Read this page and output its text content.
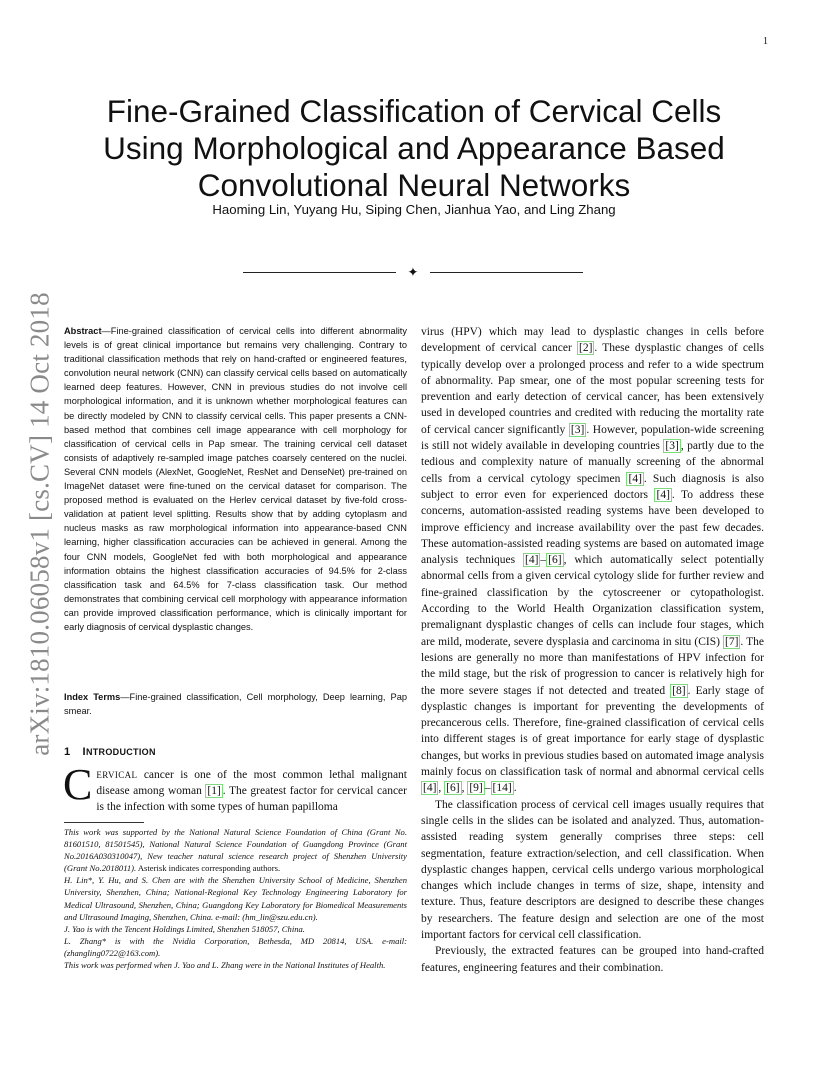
1
arXiv:1810.06058v1 [cs.CV] 14 Oct 2018
Fine-Grained Classification of Cervical Cells
Using Morphological and Appearance Based
Convolutional Neural Networks
Haoming Lin, Yuyang Hu, Siping Chen, Jianhua Yao, and Ling Zhang
✦
Abstract—Fine-grained classification of cervical cells into different abnormality levels is of great clinical importance but remains very challenging. Contrary to traditional classification methods that rely on hand-crafted or engineered features, convolution neural network (CNN) can classify cervical cells based on automatically learned deep features. However, CNN in previous studies do not involve cell morphological information, and it is unknown whether morphological features can be directly modeled by CNN to classify cervical cells. This paper presents a CNN-based method that combines cell image appearance with cell morphology for classification of cervical cells in Pap smear. The training cervical cell dataset consists of adaptively re-sampled image patches coarsely centered on the nuclei. Several CNN models (AlexNet, GoogleNet, ResNet and DenseNet) pre-trained on ImageNet dataset were fine-tuned on the cervical dataset for comparison. The proposed method is evaluated on the Herlev cervical dataset by five-fold cross-validation at patient level splitting. Results show that by adding cytoplasm and nucleus masks as raw morphological information into appearance-based CNN learning, higher classification accuracies can be achieved in general. Among the four CNN models, GoogleNet fed with both morphological and appearance information obtains the highest classification accuracies of 94.5% for 2-class classification task and 64.5% for 7-class classification task. Our method demonstrates that combining cervical cell morphology with appearance information can provide improved classification performance, which is clinically important for early diagnosis of cervical dysplastic changes.
Index Terms—Fine-grained classification, Cell morphology, Deep learning, Pap smear.
1 INTRODUCTION
CERVICAL cancer is one of the most common lethal malignant disease among woman [1] . The greatest factor for cervical cancer is the infection with some types of human papilloma

This work was supported by the National Natural Science Foundation of China (Grant No. 81601510, 81501545), National Natural Science Foundation of Guangdong Province (Grant No.2016A030310047), New teacher natural science research project of Shenzhen University (Grant No.2018011). Asterisk indicates corresponding authors.

H. Lin*, Y. Hu, and S. Chen are with the Shenzhen University School of Medicine, Shenzhen University, Shenzhen, China; National-Regional Key Technology Engineering Laboratory for Medical Ultrasound, Shenzhen, China; Guangdong Key Laboratory for Biomedical Measurements and Ultrasound Imaging, Shenzhen, China. e-mail: (hm_lin@szu.edu.cn).

J. Yao is with the Tencent Holdings Limited, Shenzhen 518057, China.

L. Zhang* is with the Nvidia Corporation, Bethesda, MD 20814, USA. e-mail: (zhangling0722@163.com).

This work was performed when J. Yao and L. Zhang were in the National Institutes of Health.

virus (HPV) which may lead to dysplastic changes in cells before development of cervical cancer [2] . These dysplastic changes of cells typically develop over a prolonged process and refer to a wide spectrum of abnormality. Pap smear, one of the most popular screening tests for prevention and early detection of cervical cancer, has been extensively used in developed countries and credited with reducing the mortality rate of cervical cancer significantly [3] . However, population-wide screening is still not widely available in developing countries [3] , partly due to the tedious and complexity nature of manually screening of the abnormal cells from a cervical cytology specimen [4] . Such diagnosis is also subject to error even for experienced doctors [4] . To address these concerns, automation-assisted reading systems have been developed to improve efficiency and increase availability over the past few decades. These automation-assisted reading systems are based on automated image analysis techniques [4] – [6] , which automatically select potentially abnormal cells from a given cervical cytology slide for further review and fine-grained classification by the cytoscreener or cytopathologist. According to the World Health Organization classification system, premalignant dysplastic changes of cells can include four stages, which are mild, moderate, severe dysplasia and carcinoma in situ (CIS) [7] . The lesions are generally no more than manifestations of HPV infection for the mild stage, but the risk of progression to cancer is relatively high for the more severe stages if not detected and treated [8] . Early stage of dysplastic changes is important for preventing the developments of precancerous cells. Therefore, fine-grained classification of cervical cells into different stages is of great importance for early stage of dysplastic changes, but works in previous studies based on automated image analysis mainly focus on classification task of normal and abnormal cervical cells [4] , [6] , [9] – [14] .

The classification process of cervical cell images usually requires that single cells in the slides can be isolated and analyzed. Thus, automation-assisted reading system generally comprises three steps: cell segmentation, feature extraction/selection, and cell classification. When dysplastic changes happen, cervical cells undergo various morphological changes which include changes in terms of size, shape, intensity and texture. Thus, feature descriptors are designed to describe these changes by researchers. The feature design and selection are one of the most important factors for cervical cell classification.

Previously, the extracted features can be grouped into hand-crafted features, engineering features and their combination.
